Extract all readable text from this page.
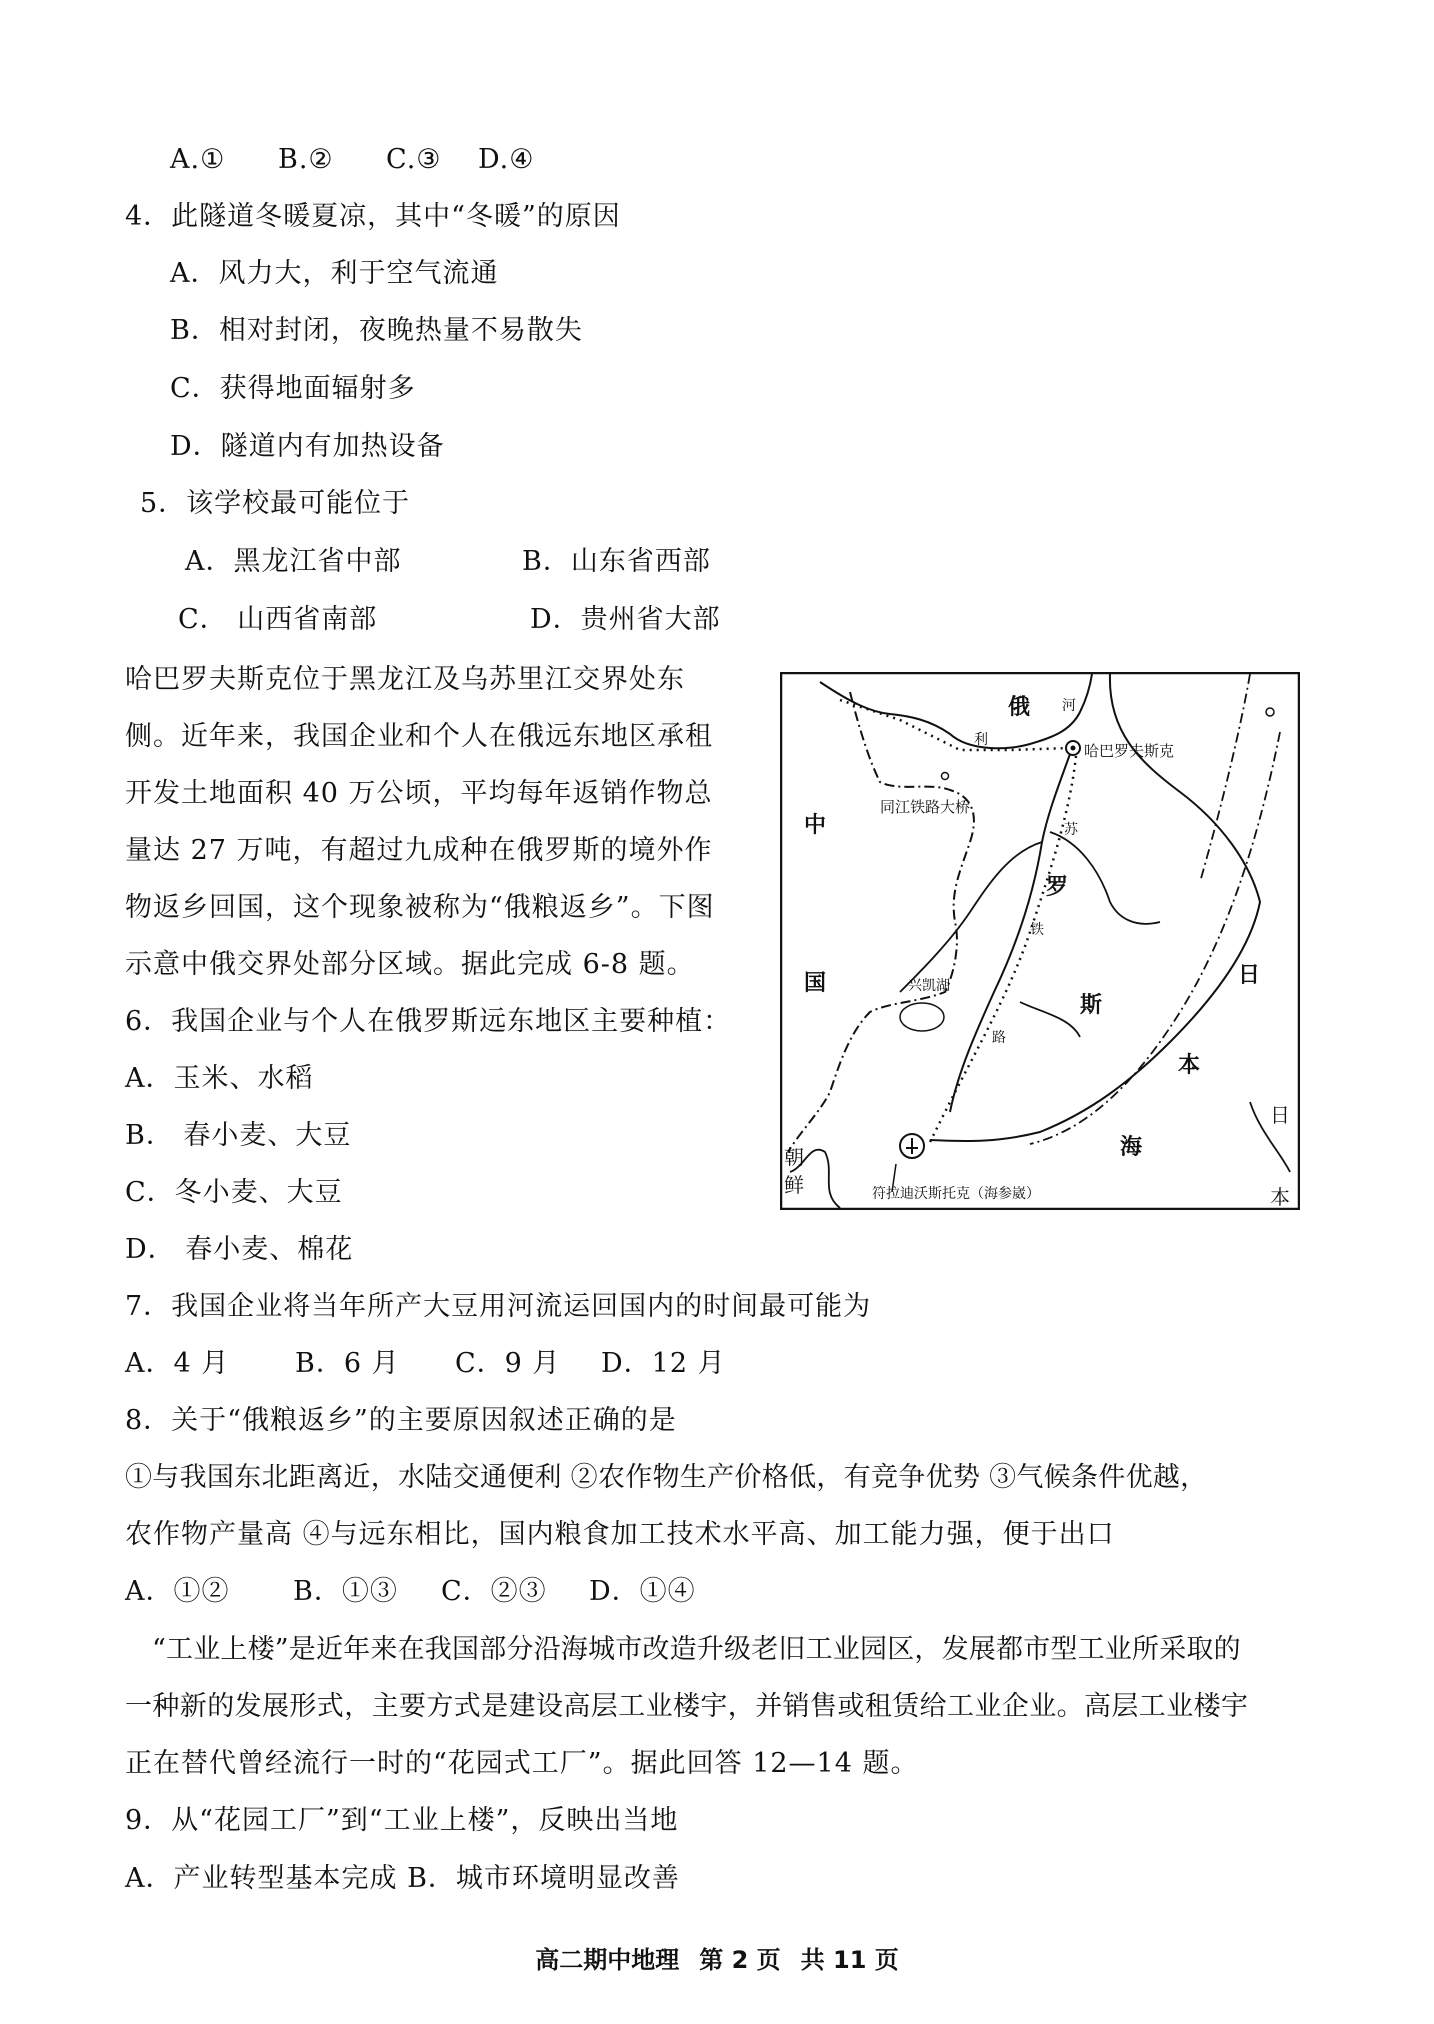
A.① B.② C.③ D.④
4．此隧道冬暖夏凉，其中“冬暖”的原因
A．风力大，利于空气流通
B．相对封闭，夜晚热量不易散失
C．获得地面辐射多
D．隧道内有加热设备
5．该学校最可能位于
A．黑龙江省中部	B．山东省西部
C． 山西省南部	D．贵州省大部
哈巴罗夫斯克位于黑龙江及乌苏里江交界处东
侧。近年来，我国企业和个人在俄远东地区承租
开发土地面积 40 万公顷，平均每年返销作物总
量达 27 万吨，有超过九成种在俄罗斯的境外作
物返乡回国，这个现象被称为“俄粮返乡”。下图
示意中俄交界处部分区域。据此完成 6-8 题。
俄
罗
斯
中
国	日
本
海
日
本
朝
鲜
哈巴罗夫斯克
同江铁路大桥
兴凯湖
符拉迪沃斯托克（海参崴）
河
利
苏
铁
路
6．我国企业与个人在俄罗斯远东地区主要种植：
A．玉米、水稻
B． 春小麦、大豆
C．冬小麦、大豆
D． 春小麦、棉花
7．我国企业将当年所产大豆用河流运回国内的时间最可能为
A．4 月 B．6 月 C．9 月 D．12 月
8．关于“俄粮返乡”的主要原因叙述正确的是
①与我国东北距离近，水陆交通便利 ②农作物生产价格低，有竞争优势 ③气候条件优越，
农作物产量高 ④与远东相比，国内粮食加工技术水平高、加工能力强，便于出口
A．①② B．①③ C．②③ D．①④
“工业上楼”是近年来在我国部分沿海城市改造升级老旧工业园区，发展都市型工业所采取的
一种新的发展形式，主要方式是建设高层工业楼宇，并销售或租赁给工业企业。高层工业楼宇
正在替代曾经流行一时的“花园式工厂”。据此回答 12—14 题。
9．从“花园工厂”到“工业上楼”，反映出当地
A．产业转型基本完成 B．城市环境明显改善
高二期中地理 第 2 页 共 11 页
